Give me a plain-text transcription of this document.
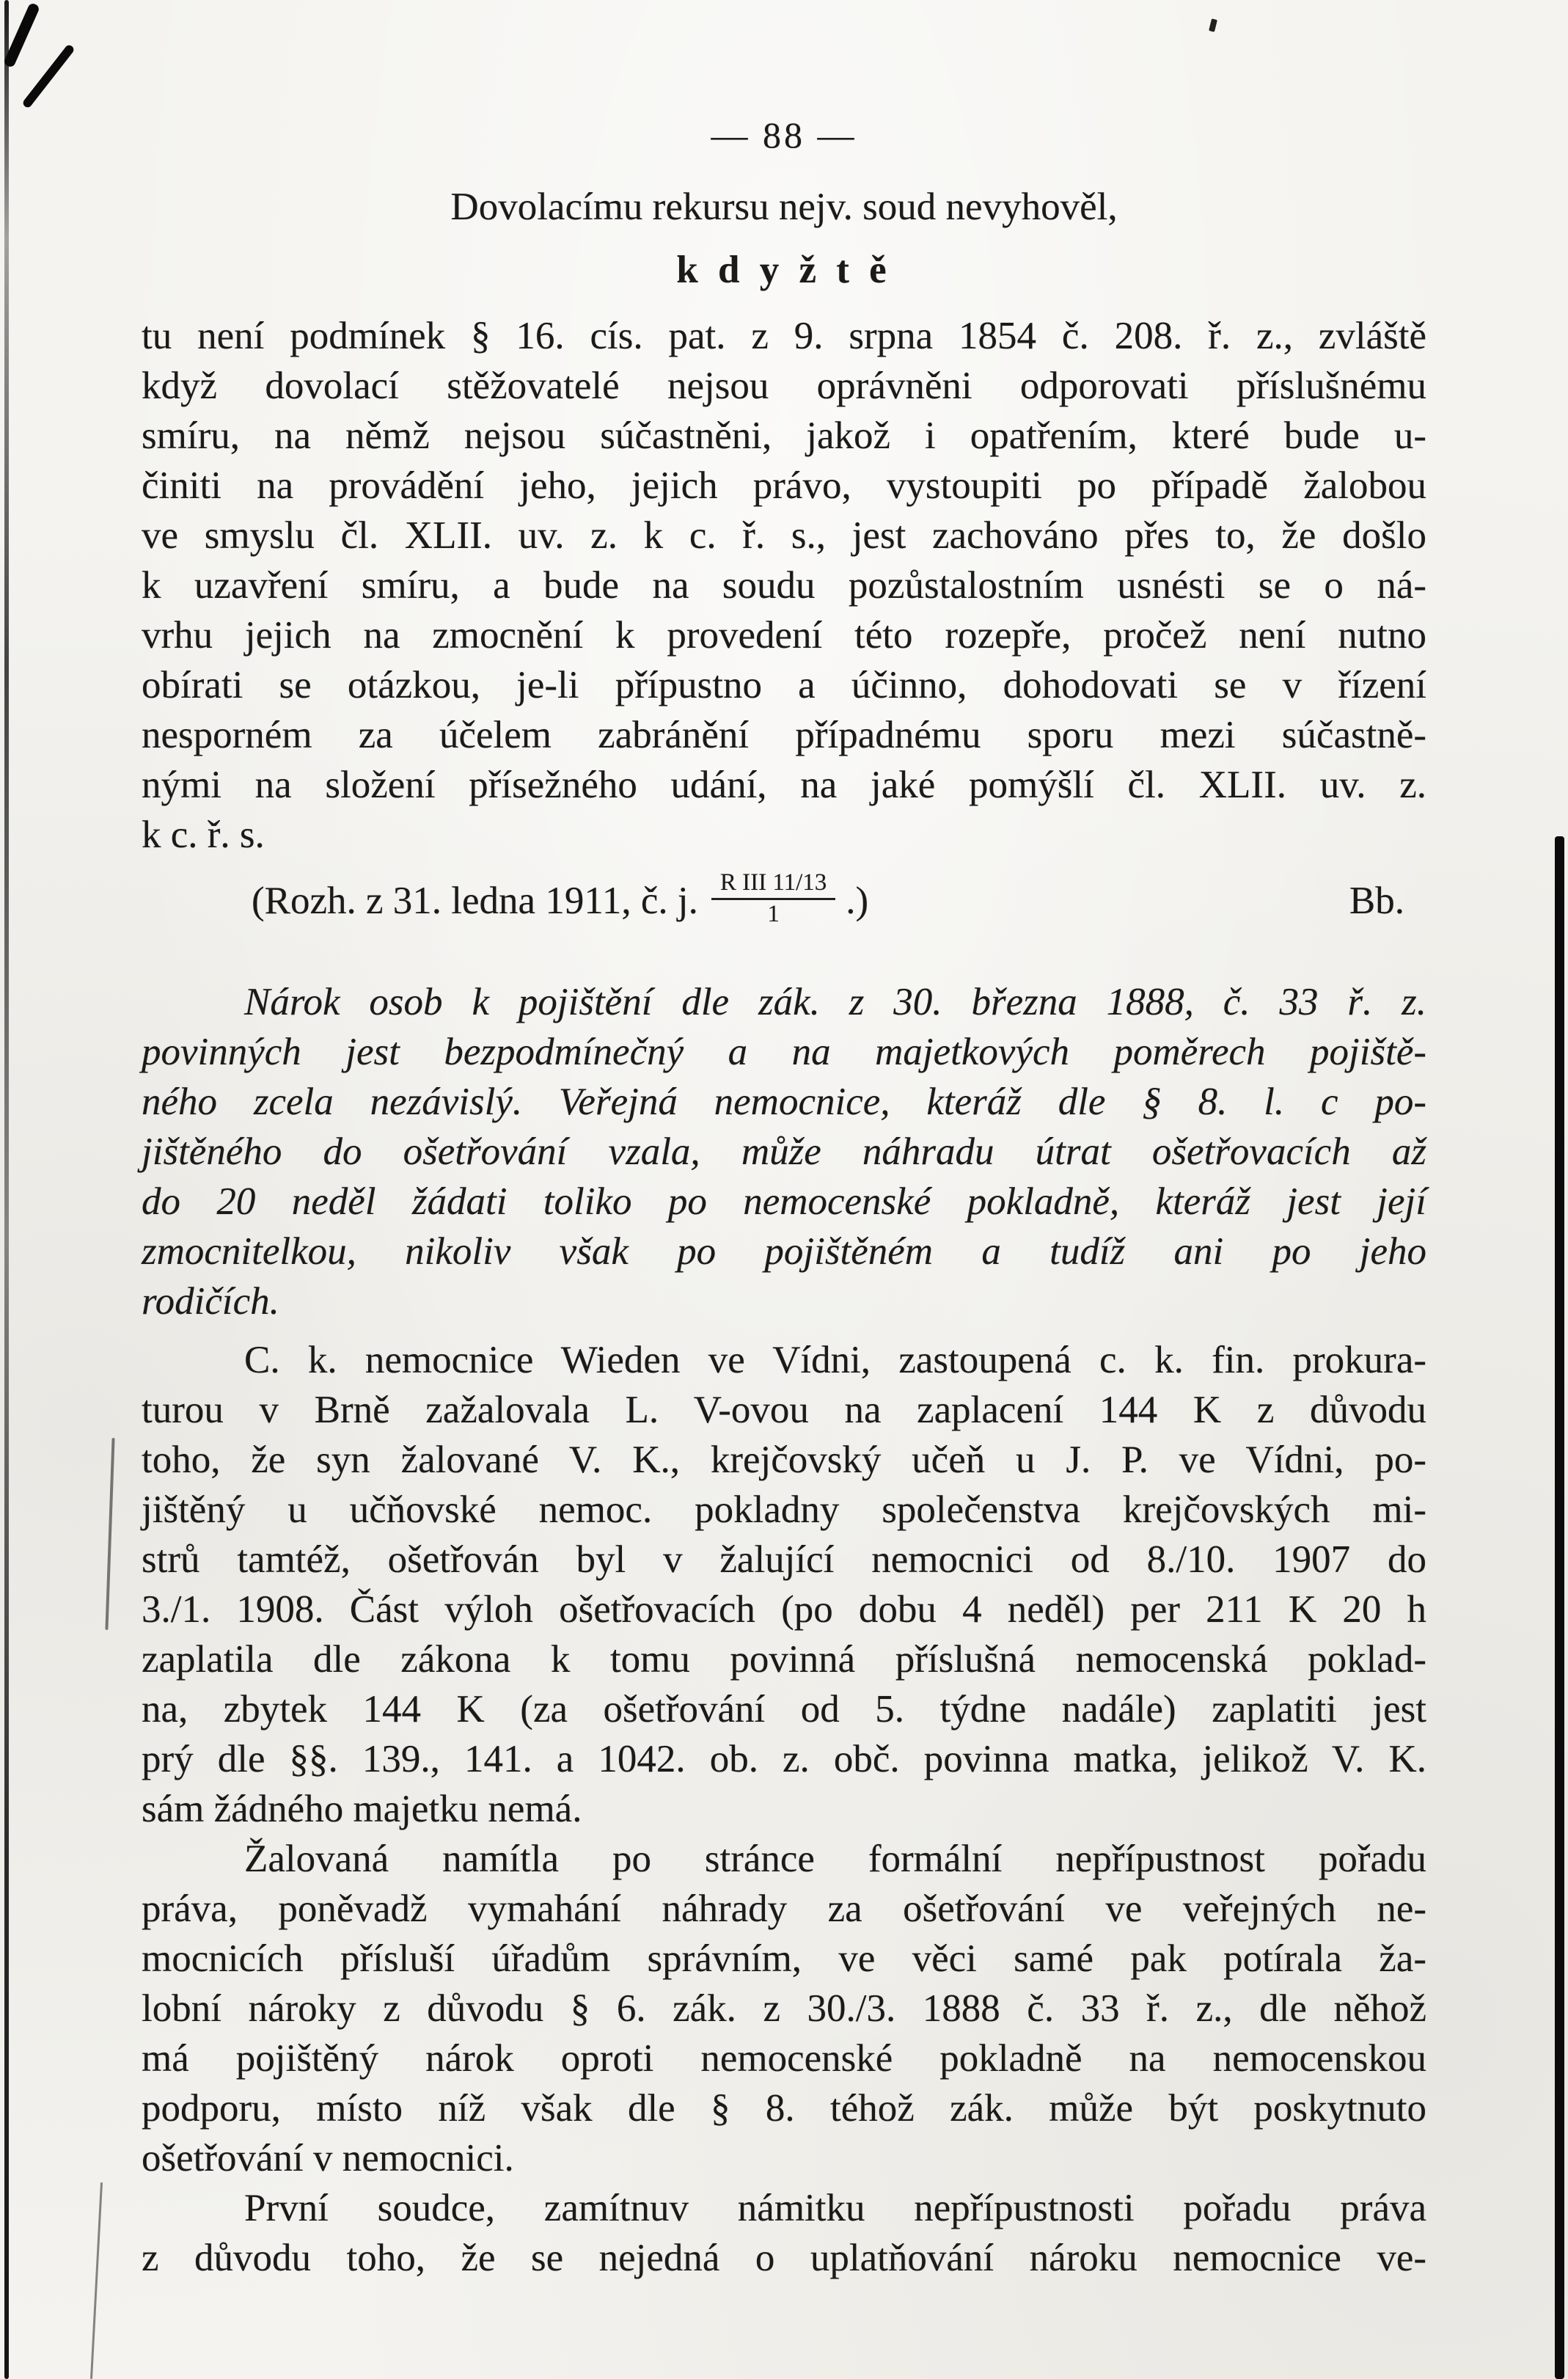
— 88 —
Dovolacímu rekursu nejv. soud nevyhověl,
k d y ž t ě
tu není podmínek § 16. cís. pat. z 9. srpna 1854 č. 208. ř. z., zvláště
když dovolací stěžovatelé nejsou oprávněni odporovati příslušnému
smíru, na němž nejsou súčastněni, jakož i opatřením, které bude u-
činiti na provádění jeho, jejich právo, vystoupiti po případě žalobou
ve smyslu čl. XLII. uv. z. k c. ř. s., jest zachováno přes to, že došlo
k uzavření smíru, a bude na soudu pozůstalostním usnésti se o ná-
vrhu jejich na zmocnění k provedení této rozepře, pročež není nutno
obírati se otázkou, je-li přípustno a účinno, dohodovati se v řízení
nesporném za účelem zabránění případnému sporu mezi súčastně-
nými na složení přísežného udání, na jaké pomýšlí čl. XLII. uv. z.
k c. ř. s.
(Rozh. z 31. ledna 1911, č. j. $\frac{\text{R III 11/13}}{1}$ .)	Bb.
Nárok osob k pojištění dle zák. z 30. března 1888, č. 33 ř. z.
povinných jest bezpodmínečný a na majetkových poměrech pojiště-
ného zcela nezávislý. Veřejná nemocnice, kteráž dle § 8. l. c po-
jištěného do ošetřování vzala, může náhradu útrat ošetřovacích až
do 20 neděl žádati toliko po nemocenské pokladně, kteráž jest její
zmocnitelkou, nikoliv však po pojištěném a tudíž ani po jeho
rodičích.
C. k. nemocnice Wieden ve Vídni, zastoupená c. k. fin. prokura-
turou v Brně zažalovala L. V-ovou na zaplacení 144 K z důvodu
toho, že syn žalované V. K., krejčovský učeň u J. P. ve Vídni, po-
jištěný u učňovské nemoc. pokladny společenstva krejčovských mi-
strů tamtéž, ošetřován byl v žalující nemocnici od 8./10. 1907 do
3./1. 1908. Část výloh ošetřovacích (po dobu 4 neděl) per 211 K 20 h
zaplatila dle zákona k tomu povinná příslušná nemocenská poklad-
na, zbytek 144 K (za ošetřování od 5. týdne nadále) zaplatiti jest
prý dle §§. 139., 141. a 1042. ob. z. obč. povinna matka, jelikož V. K.
sám žádného majetku nemá.
Žalovaná namítla po stránce formální nepřípustnost pořadu
práva, poněvadž vymahání náhrady za ošetřování ve veřejných ne-
mocnicích přísluší úřadům správním, ve věci samé pak potírala ža-
lobní nároky z důvodu § 6. zák. z 30./3. 1888 č. 33 ř. z., dle něhož
má pojištěný nárok oproti nemocenské pokladně na nemocenskou
podporu, místo níž však dle § 8. téhož zák. může být poskytnuto
ošetřování v nemocnici.
První soudce, zamítnuv námitku nepřípustnosti pořadu práva
z důvodu toho, že se nejedná o uplatňování nároku nemocnice ve-
